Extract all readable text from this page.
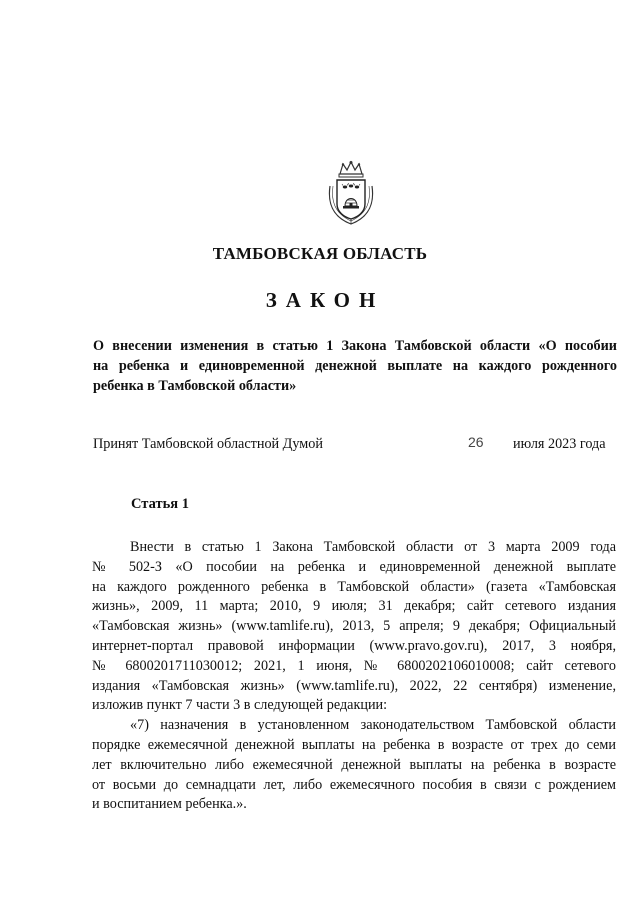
ТАМБОВСКАЯ ОБЛАСТЬ
ЗАКОН
О внесении изменения в статью 1 Закона Тамбовской области «О пособии
на ребенка и единовременной денежной выплате на каждого рожденного
ребенка в Тамбовской области»
Принят Тамбовской областной Думой	26 июля 2023 года
Статья 1
Внести в статью 1 Закона Тамбовской области от 3 марта 2009 года
№ 502-З «О пособии на ребенка и единовременной денежной выплате
на каждого рожденного ребенка в Тамбовской области» (газета «Тамбовская
жизнь», 2009, 11 марта; 2010, 9 июля; 31 декабря; сайт сетевого издания
«Тамбовская жизнь» (www.tamlife.ru), 2013, 5 апреля; 9 декабря; Официальный
интернет-портал правовой информации (www.pravo.gov.ru), 2017, 3 ноября,
№ 6800201711030012; 2021, 1 июня, № 6800202106010008; сайт сетевого
издания «Тамбовская жизнь» (www.tamlife.ru), 2022, 22 сентября) изменение,
изложив пункт 7 части 3 в следующей редакции:
«7) назначения в установленном законодательством Тамбовской области
порядке ежемесячной денежной выплаты на ребенка в возрасте от трех до семи
лет включительно либо ежемесячной денежной выплаты на ребенка в возрасте
от восьми до семнадцати лет, либо ежемесячного пособия в связи с рождением
и воспитанием ребенка.».
